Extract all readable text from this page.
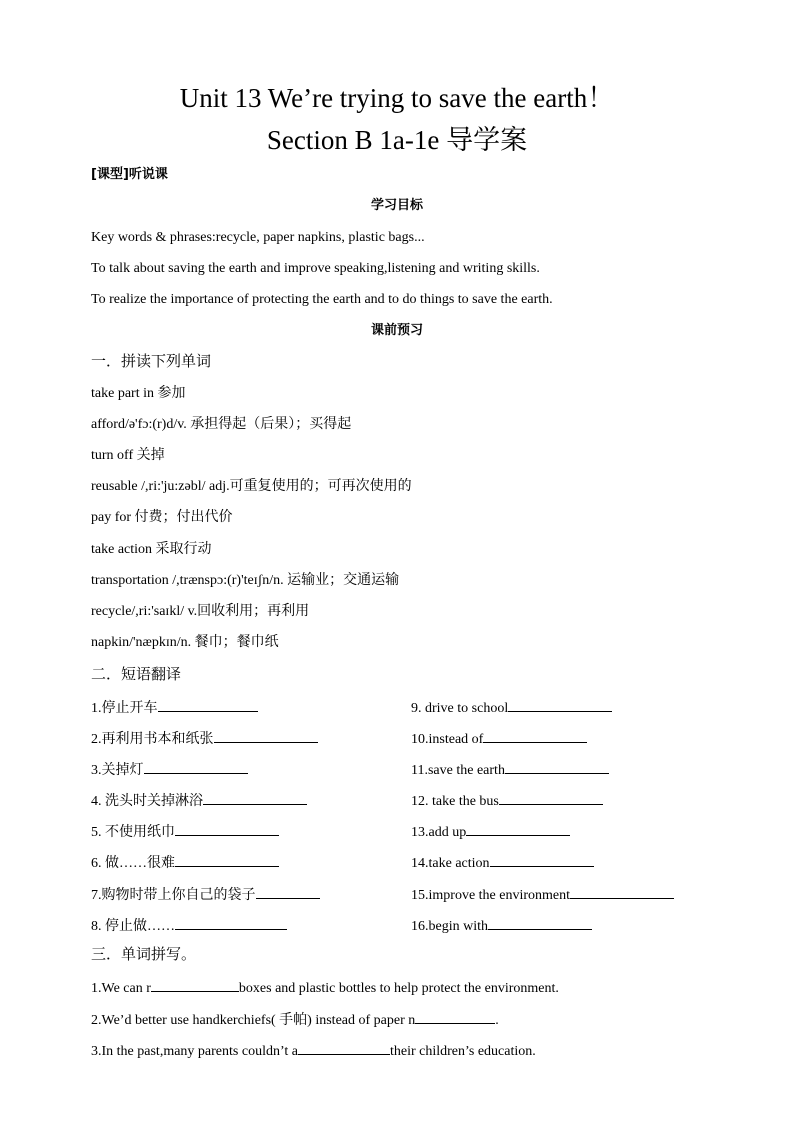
Unit 13 We’re trying to save the earth！
Section B 1a-1e 导学案
[课型]听说课
学习目标
Key words & phrases:recycle, paper napkins, plastic bags...
To talk about saving the earth and improve speaking,listening and writing skills.
To realize the importance of protecting the earth and to do things to save the earth.
课前预习
一．拼读下列单词
take part in 参加
afford/ə'fɔ:(r)d/v. 承担得起（后果）；买得起
turn off 关掉
reusable /,ri:'ju:zəbl/ adj.可重复使用的；可再次使用的
pay for 付费；付出代价
take action 采取行动
transportation /,trænspɔ:(r)'teɪʃn/n. 运输业；交通运输
recycle/,ri:'saɪkl/ v.回收利用；再利用
napkin/'næpkɪn/n. 餐巾；餐巾纸
二．短语翻译
1.停止开车
2.再利用书本和纸张
3.关掉灯
4. 洗头时关掉淋浴
5. 不使用纸巾
6. 做……很难
7.购物时带上你自己的袋子
8. 停止做……
9. drive to school
10.instead of
11.save the earth
12. take the bus
13.add up
14.take action
15.improve the environment
16.begin with
三．单词拼写。
1.We can r	boxes and plastic bottles to help protect the environment.
2.We’d better use handkerchiefs( 手帕) instead of paper n	.
3.In the past,many parents couldn’t a	their children’s education.
